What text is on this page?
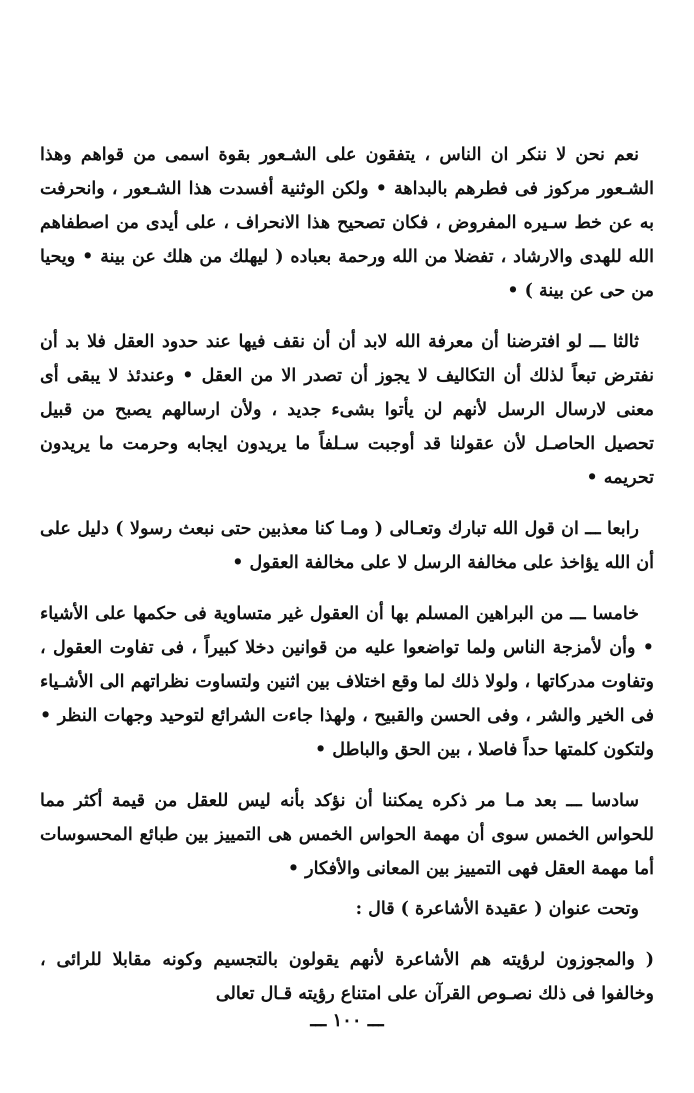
نعم نحن لا ننكر ان الناس ، يتفقون على الشـعور بقوة اسمى من قواهم وهذا الشـعور مركوز فى فطرهم بالبداهة • ولكن الوثنية أفسدت هذا الشـعور ، وانحرفت به عن خط سـيره المفروض ، فكان تصحيح هذا الانحراف ، على أيدى من اصطفاهم الله للهدى والارشاد ، تفضلا من الله ورحمة بعباده ( ليهلك من هلك عن بينة • ويحيا من حى عن بينة ) •

ثالثا ـــ لو افترضنا أن معرفة الله لابد أن أن نقف فيها عند حدود العقل فلا بد أن نفترض تبعاً لذلك أن التكاليف لا يجوز أن تصدر الا من العقل • وعندئذ لا يبقى أى معنى لارسال الرسل لأنهم لن يأتوا بشىء جديد ، ولأن ارسالهم يصبح من قبيل تحصيل الحاصـل لأن عقولنا قد أوجبت سـلفاً ما يريدون ايجابه وحرمت ما يريدون تحريمه •

رابعا ـــ ان قول الله تبارك وتعـالى ( ومـا كنا معذبين حتى نبعث رسولا ) دليل على أن الله يؤاخذ على مخالفة الرسل لا على مخالفة العقول •

خامسا ـــ من البراهين المسلم بها أن العقول غير متساوية فى حكمها على الأشياء • وأن لأمزجة الناس ولما تواضعوا عليه من قوانين دخلا كبيراً ، فى تفاوت العقول ، وتفاوت مدركاتها ، ولولا ذلك لما وقع اختلاف بين اثنين ولتساوت نظراتهم الى الأشـياء فى الخير والشر ، وفى الحسن والقبيح ، ولهذا جاءت الشرائع لتوحيد وجهات النظر • ولتكون كلمتها حداً فاصلا ، بين الحق والباطل •

سادسا ـــ بعد مـا مر ذكره يمكننا أن نؤكد بأنه ليس للعقل من قيمة أكثر مما للحواس الخمس سوى أن مهمة الحواس الخمس هى التمييز بين طبائع المحسوسات أما مهمة العقل فهى التمييز بين المعانى والأفكار •

وتحت عنوان ( عقيدة الأشاعرة ) قال :

( والمجوزون لرؤيته هم الأشاعرة لأنهم يقولون بالتجسيم وكونه مقابلا للرائى ، وخالفوا فى ذلك نصـوص القرآن على امتناع رؤيته قـال تعالى

ـــ ١٠٠ ـــ
